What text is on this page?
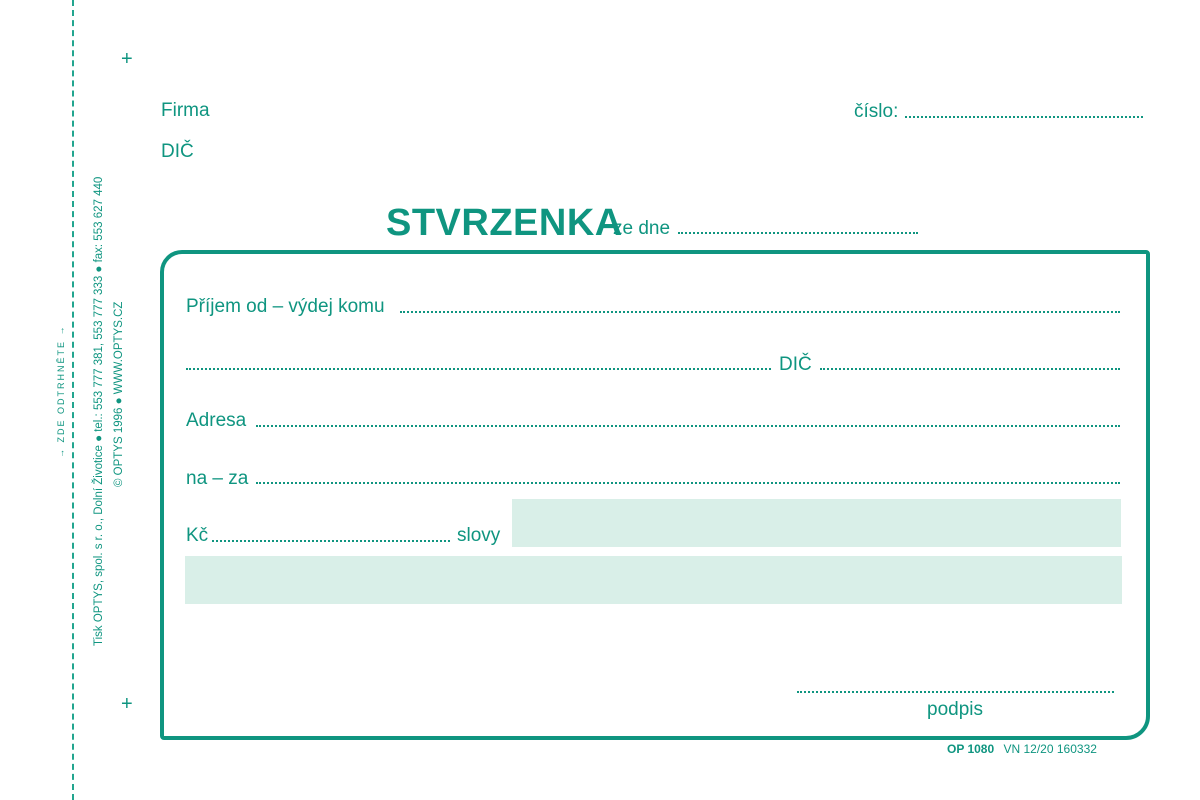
→ ZDE ODTRHNĚTE → Tisk OPTYS, spol. s r. o., Dolní Životice ● tel.: 553 777 381, 553 777 333 ● fax: 553 627 440 © OPTYS 1996 ● WWW.OPTYS.CZ
+
+
Firma
DIČ
číslo:
STVRZENKA
ze dne
Příjem od – výdej komu
DIČ
Adresa
na – za
Kč	slovy
podpis
OP 1080 VN 12/20 160332
